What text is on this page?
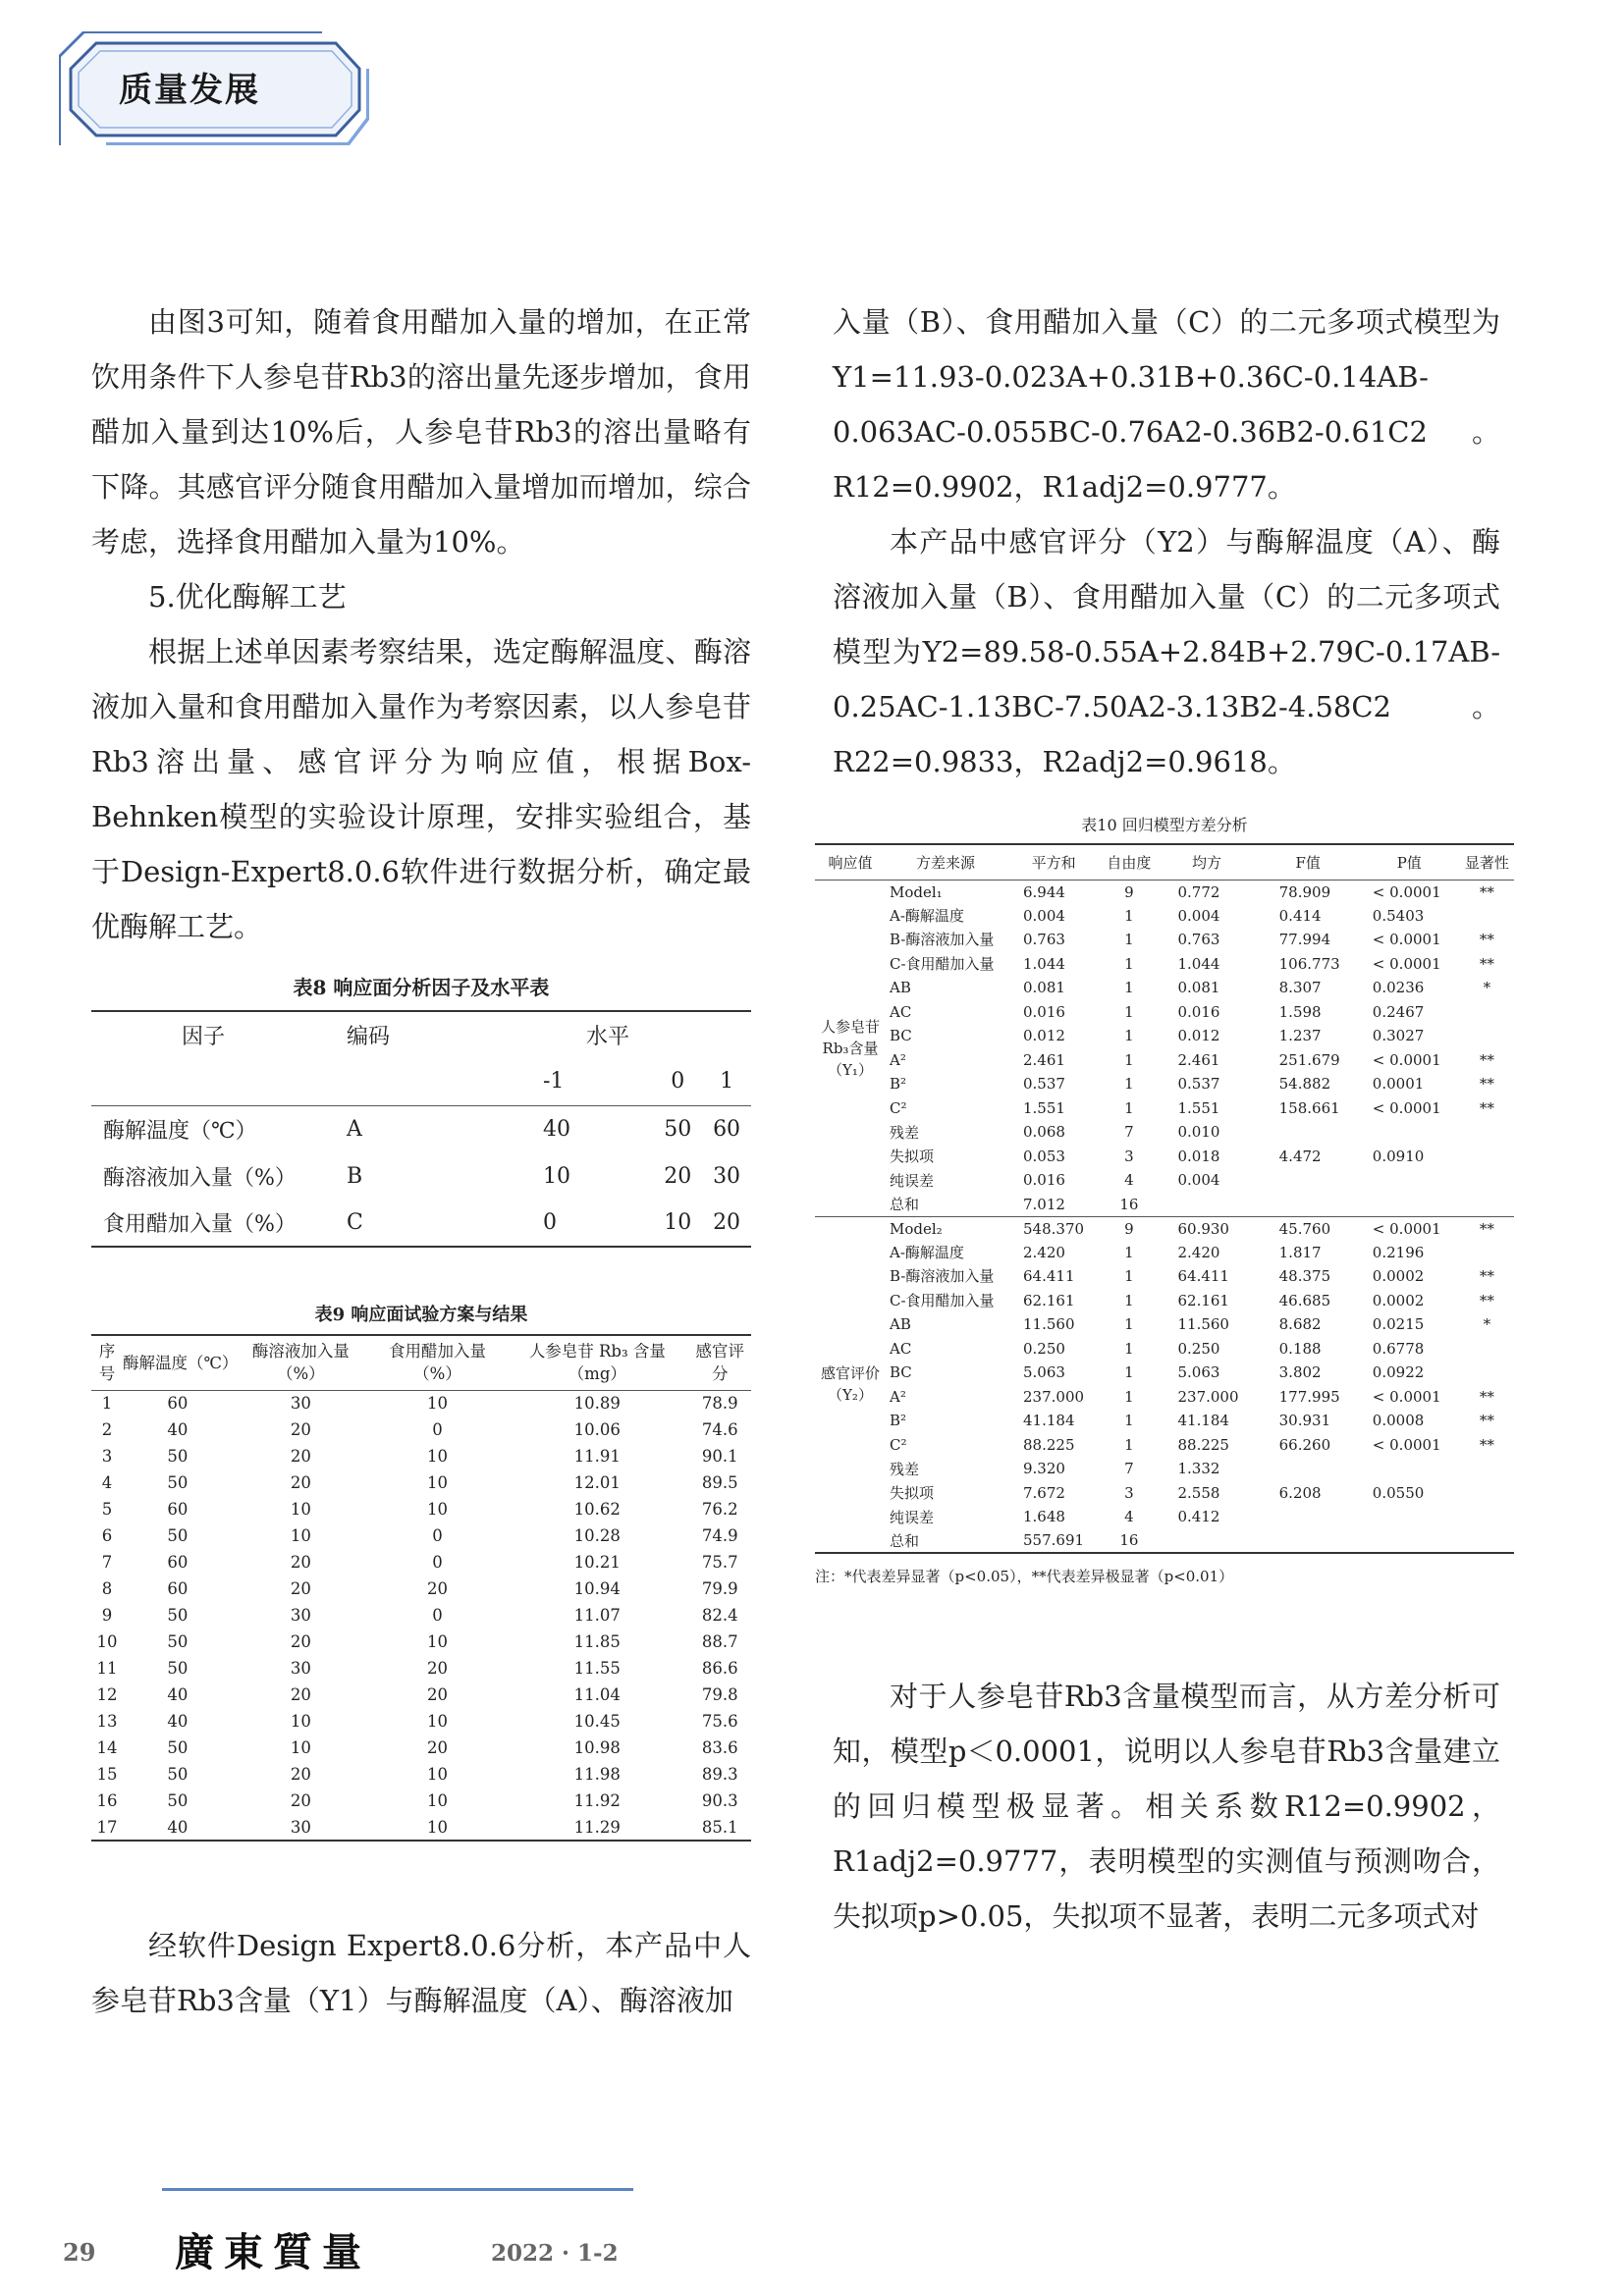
质量发展

由图3可知，随着食用醋加入量的增加，在正常饮用条件下人参皂苷Rb3的溶出量先逐步增加，食用醋加入量到达10%后，人参皂苷Rb3的溶出量略有下降。其感官评分随食用醋加入量增加而增加，综合考虑，选择食用醋加入量为10%。

5.优化酶解工艺

根据上述单因素考察结果，选定酶解温度、酶溶液加入量和食用醋加入量作为考察因素，以人参皂苷Rb3溶出量、感官评分为响应值，根据Box-Behnken模型的实验设计原理，安排实验组合，基于Design-Expert8.0.6软件进行数据分析，确定最优酶解工艺。

表8 响应面分析因子及水平表
因子	编码	水平		
		-1	0	1
酶解温度（℃）	A	40	50	60
酶溶液加入量（%）	B	10	20	30
食用醋加入量（%）	C	0	10	20
表9 响应面试验方案与结果
序号	酶解温度（℃）	酶溶液加入量（%）	食用醋加入量（%）	人参皂苷 Rb₃ 含量（mg）	感官评分
1	60	30	10	10.89	78.9
2	40	20	0	10.06	74.6
3	50	20	10	11.91	90.1
4	50	20	10	12.01	89.5
5	60	10	10	10.62	76.2
6	50	10	0	10.28	74.9
7	60	20	0	10.21	75.7
8	60	20	20	10.94	79.9
9	50	30	0	11.07	82.4
10	50	20	10	11.85	88.7
11	50	30	20	11.55	86.6
12	40	20	20	11.04	79.8
13	40	10	10	10.45	75.6
14	50	10	20	10.98	83.6
15	50	20	10	11.98	89.3
16	50	20	10	11.92	90.3
17	40	30	10	11.29	85.1

经软件Design Expert8.0.6分析，本产品中人参皂苷Rb3含量（Y1）与酶解温度（A）、酶溶液加

入量（B）、食用醋加入量（C）的二元多项式模型为 Y1=11.93-0.023A+0.31B+0.36C-0.14AB-0.063AC-0.055BC-0.76A2-0.36B2-0.61C2 。R12=0.9902，R1adj2=0.9777。

本产品中感官评分（Y2）与酶解温度（A）、酶溶液加入量（B）、食用醋加入量（C）的二元多项式模型为Y2=89.58-0.55A+2.84B+2.79C-0.17AB-0.25AC-1.13BC-7.50A2-3.13B2-4.58C2 。R22=0.9833，R2adj2=0.9618。

表10 回归模型方差分析
响应值	方差来源	平方和	自由度	均方	F值	P值	显著性
人参皂苷Rb₃含量（Y₁）	Model₁	6.944	9	0.772	78.909	< 0.0001	**
	A-酶解温度	0.004	1	0.004	0.414	0.5403	
	B-酶溶液加入量	0.763	1	0.763	77.994	< 0.0001	**
	C-食用醋加入量	1.044	1	1.044	106.773	< 0.0001	**
	AB	0.081	1	0.081	8.307	0.0236	*
	AC	0.016	1	0.016	1.598	0.2467	
	BC	0.012	1	0.012	1.237	0.3027	
	A²	2.461	1	2.461	251.679	< 0.0001	**
	B²	0.537	1	0.537	54.882	0.0001	**
	C²	1.551	1	1.551	158.661	< 0.0001	**
	残差	0.068	7	0.010			
	失拟项	0.053	3	0.018	4.472	0.0910	
	纯误差	0.016	4	0.004			
	总和	7.012	16				
感官评价（Y₂）	Model₂	548.370	9	60.930	45.760	< 0.0001	**
	A-酶解温度	2.420	1	2.420	1.817	0.2196	
	B-酶溶液加入量	64.411	1	64.411	48.375	0.0002	**
	C-食用醋加入量	62.161	1	62.161	46.685	0.0002	**
	AB	11.560	1	11.560	8.682	0.0215	*
	AC	0.250	1	0.250	0.188	0.6778	
	BC	5.063	1	5.063	3.802	0.0922	
	A²	237.000	1	237.000	177.995	< 0.0001	**
	B²	41.184	1	41.184	30.931	0.0008	**
	C²	88.225	1	88.225	66.260	< 0.0001	**
	残差	9.320	7	1.332			
	失拟项	7.672	3	2.558	6.208	0.0550	
	纯误差	1.648	4	0.412			
	总和	557.691	16				
注：*代表差异显著（p<0.05），**代表差异极显著（p<0.01）

对于人参皂苷Rb3含量模型而言，从方差分析可知，模型p＜0.0001，说明以人参皂苷Rb3含量建立的回归模型极显著。相关系数R12=0.9902，R1adj2=0.9777，表明模型的实测值与预测吻合，失拟项p>0.05，失拟项不显著，表明二元多项式对

29 廣東質量	2022 · 1-2
